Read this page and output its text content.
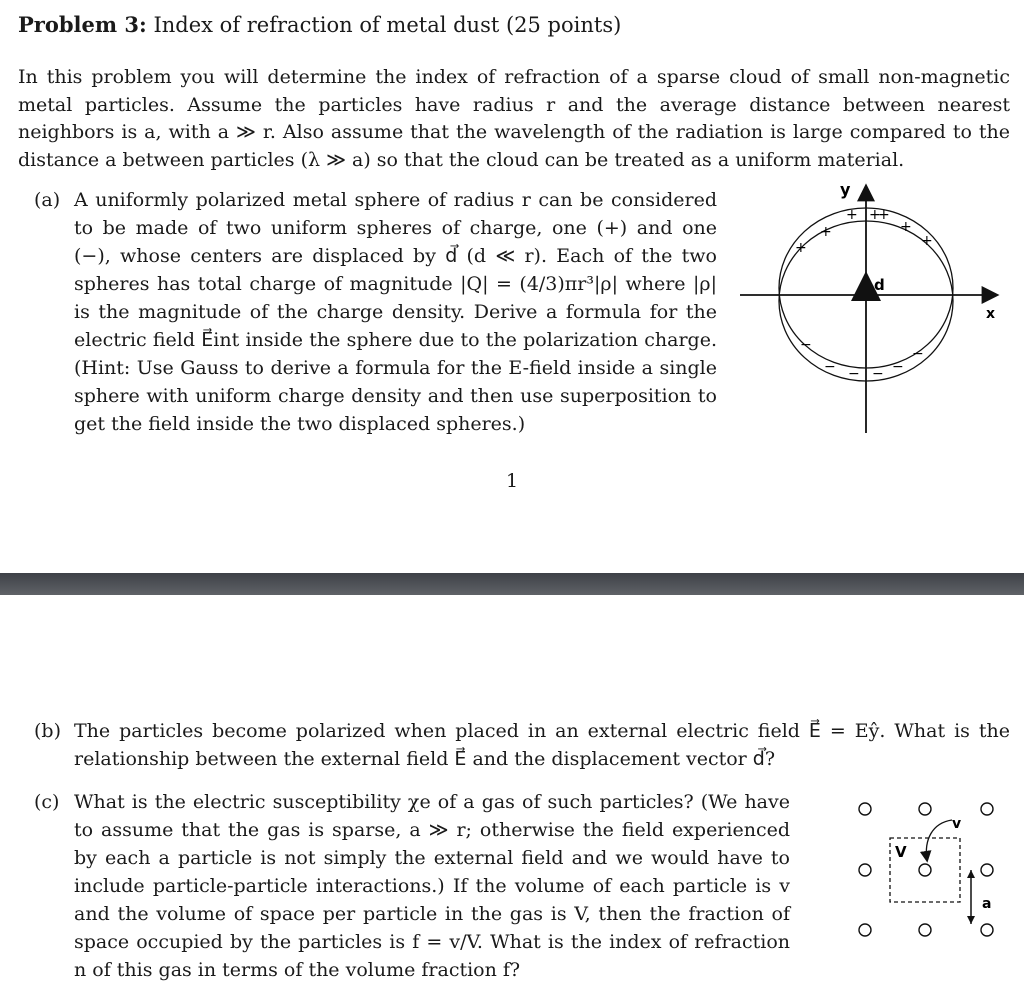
Problem 3: Index of refraction of metal dust (25 points)

In this problem you will determine the index of refraction of a sparse cloud of small non-magnetic metal particles. Assume the particles have radius r and the average distance between nearest neighbors is a, with a ≫ r. Also assume that the wavelength of the radiation is large compared to the distance a between particles (λ ≫ a) so that the cloud can be treated as a uniform material.

(a) A uniformly polarized metal sphere of radius r can be considered to be made of two uniform spheres of charge, one (+) and one (−), whose centers are displaced by d⃗ (d ≪ r). Each of the two spheres has total charge of magnitude |Q| = (4/3)πr³|ρ| where |ρ| is the magnitude of the charge density. Derive a formula for the electric field E⃗int inside the sphere due to the polarization charge. (Hint: Use Gauss to derive a formula for the E-field inside a single sphere with uniform charge density and then use superposition to get the field inside the two displaced spheres.)
y
x
d
+ +
+
+
+
+
+
−
− − − −
−
1
(b) The particles become polarized when placed in an external electric field E⃗ = Eŷ. What is the relationship between the external field E⃗ and the displacement vector d⃗?
(c) What is the electric susceptibility χe of a gas of such particles? (We have to assume that the gas is sparse, a ≫ r; otherwise the field experienced by each a particle is not simply the external field and we would have to include particle-particle interactions.) If the volume of each particle is v and the volume of space per particle in the gas is V, then the fraction of space occupied by the particles is f = v/V. What is the index of refraction n of this gas in terms of the volume fraction f?
V
v
a
